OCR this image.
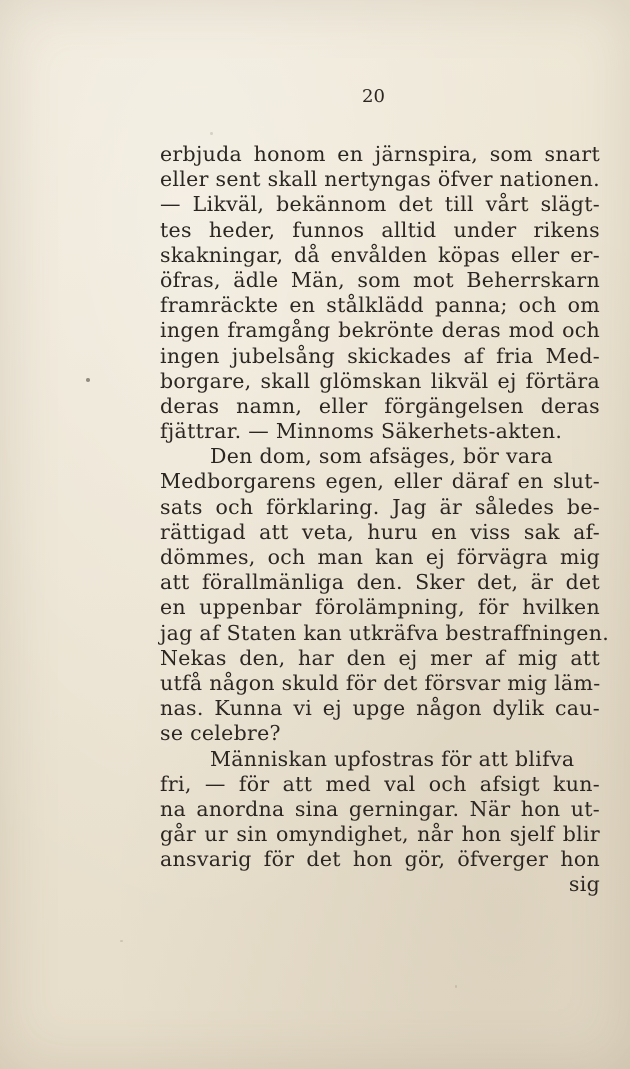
20
erbjuda honom en järnspira, som snart
eller sent skall nertyngas öfver nationen.
— Likväl, bekännom det till vårt slägt-
tes heder, funnos alltid under rikens
skakningar, då envålden köpas eller er-
öfras, ädle Män, som mot Beherrskarn
framräckte en stålklädd panna; och om
ingen framgång bekrönte deras mod och
ingen jubelsång skickades af fria Med-
borgare, skall glömskan likväl ej förtära
deras namn, eller förgängelsen deras
fjättrar. — Minnoms Säkerhets-akten.
Den dom, som afsäges, bör vara
Medborgarens egen, eller däraf en slut-
sats och förklaring. Jag är således be-
rättigad att veta, huru en viss sak af-
dömmes, och man kan ej förvägra mig
att förallmänliga den. Sker det, är det
en uppenbar förolämpning, för hvilken
jag af Staten kan utkräfva bestraffningen.
Nekas den, har den ej mer af mig att
utfå någon skuld för det försvar mig läm-
nas. Kunna vi ej upge någon dylik cau-
se celebre?
Människan upfostras för att blifva
fri, — för att med val och afsigt kun-
na anordna sina gerningar. När hon ut-
går ur sin omyndighet, når hon sjelf blir
ansvarig för det hon gör, öfverger hon
sig
